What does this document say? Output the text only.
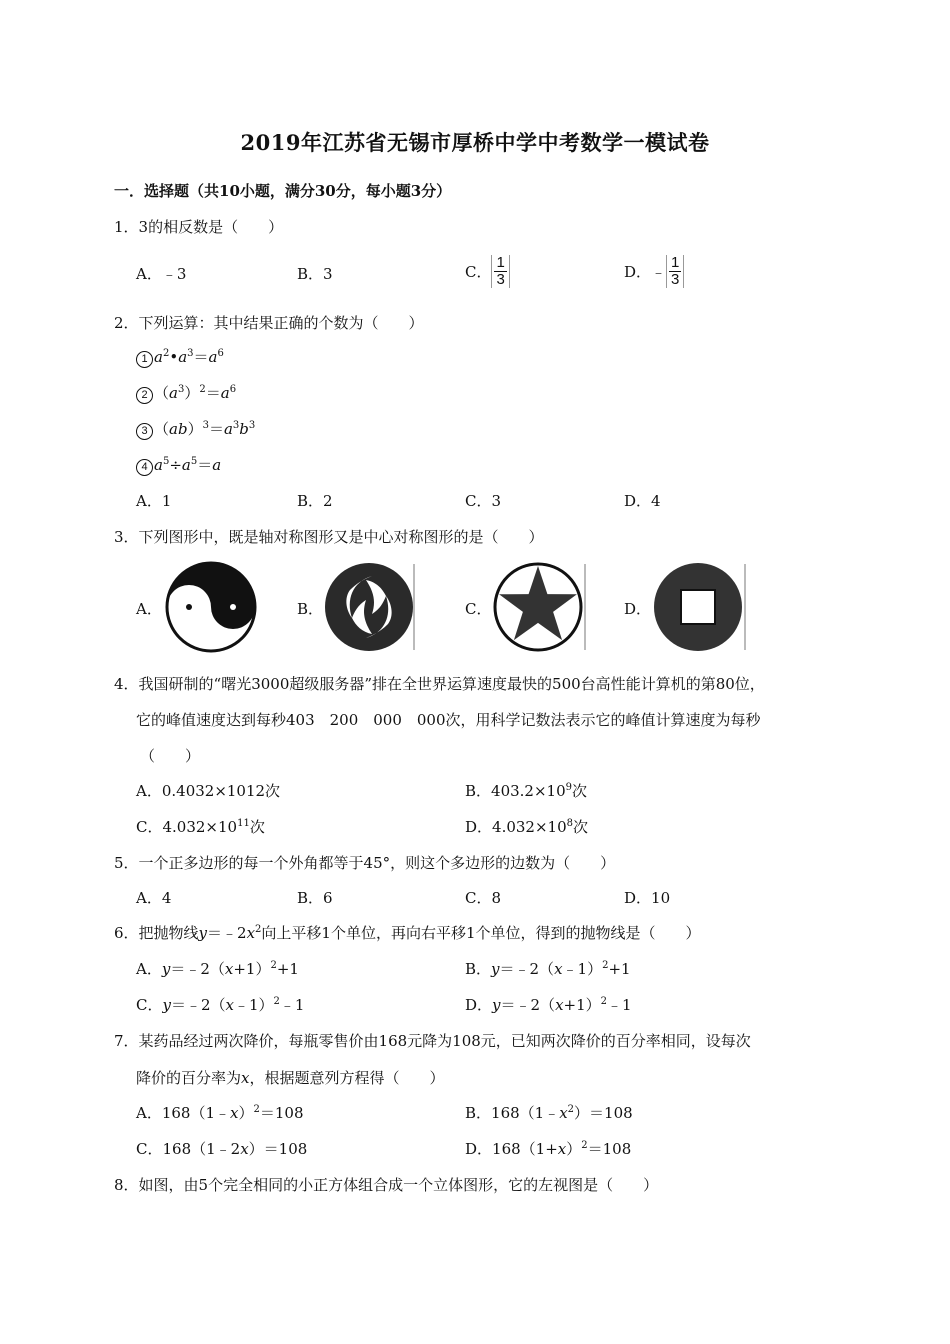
2019年江苏省无锡市厚桥中学中考数学一模试卷
一．选择题（共10小题，满分30分，每小题3分）
1．3的相反数是（　　）
A．﹣3	B．3	C． $\frac{1}{3}$	D．﹣ $\frac{1}{3}$
2．下列运算：其中结果正确的个数为（　　）
1 $a^2•a^3=a^6$
2 $(a^3)^2=a^6$
3 $(ab)^3=a^3b^3$
4 $a^5\div a^5=a$
A．1	B．2	C．3	D．4
3．下列图形中，既是轴对称图形又是中心对称图形的是（　　）
A．	B．	C．	D．
4．我国研制的“曙光3000超级服务器”排在全世界运算速度最快的500台高性能计算机的第80位，
它的峰值速度达到每秒403　200　000　000次，用科学记数法表示它的峰值计算速度为每秒
（　　）
A．0.4032×1012次	B．$403.2\times 10^9$次
C．$4.032\times 10^{11}$次	D．$4.032\times 10^8$次
5．一个正多边形的每一个外角都等于45°，则这个多边形的边数为（　　）
A．4	B．6	C．8	D．10
6．把抛物线$y=﹣2x^2$向上平移1个单位，再向右平移1个单位，得到的抛物线是（　　）
A．$y=﹣2(x+1)^2+1$	B．y＝﹣2（x﹣1）$^2$+1
C．y＝﹣2（x﹣1）$^2$﹣1	D．$y=﹣2(x+1)^2﹣1$
7．某药品经过两次降价，每瓶零售价由168元降为108元，已知两次降价的百分率相同，设每次
降价的百分率为x，根据题意列方程得（　　）
A．168（1﹣x）$^2$＝108	B．$168(1﹣x^2)=108$
C．168（1﹣2x）＝108	D．$168(1+x)^2=108$
8．如图，由5个完全相同的小正方体组合成一个立体图形，它的左视图是（　　）
